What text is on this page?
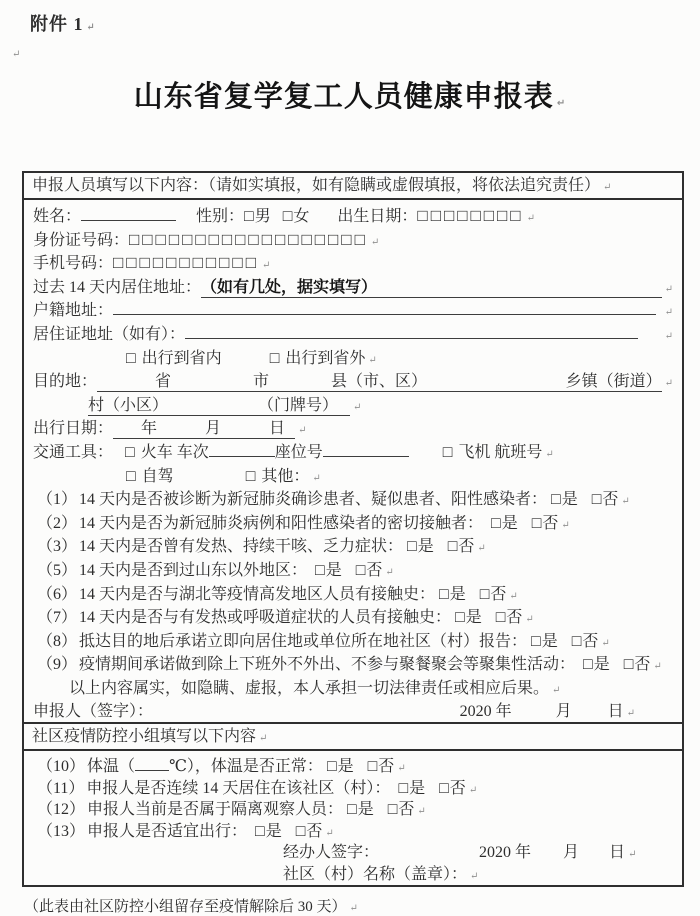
附件 1 ↵
↵
山东省复学复工人员健康申报表 ↵
申报人员填写以下内容：（请如实填报，如有隐瞒或虚假填报，将依法追究责任） ↵
姓名：	性别： □ 男 □ 女 出生日期： □□□□□□□□
↵
身份证号码： □□□□□□□□□□□□□□□□□□
↵
手机号码： □□□□□□□□□□□
↵
过去 14 天内居住地址： （如有几处，据实填写）
↵
户籍地址：
↵
居住证地址（如有）：
↵
□ 出行到省内	□ 出行到省外
↵
目的地：	省	市	县（市、区）	乡镇（街道）
↵
村（小区）	（门牌号）
↵
出行日期： 年	月	日
↵
交通工具： □ 火车 车次	座位号	□ 飞机 航班号
↵
□ 自驾	□ 其他：
↵
（1） 14 天内是否被诊断为新冠肺炎确诊患者、疑似患者、阳性感染者： □ 是 □ 否
↵
（2） 14 天内是否为新冠肺炎病例和阳性感染者的密切接触者： □ 是 □ 否
↵
（3） 14 天内是否曾有发热、持续干咳、乏力症状： □ 是 □ 否
↵
（5） 14 天内是否到过山东以外地区： □ 是 □ 否
↵
（6） 14 天内是否与湖北等疫情高发地区人员有接触史： □ 是 □ 否
↵
（7） 14 天内是否与有发热或呼吸道症状的人员有接触史： □ 是 □ 否
↵
（8） 抵达目的地后承诺立即向居住地或单位所在地社区（村）报告： □ 是 □ 否
↵
（9） 疫情期间承诺做到除上下班外不外出、不参与聚餐聚会等聚集性活动： □ 是 □ 否
↵
以上内容属实，如隐瞒、虚报，本人承担一切法律责任或相应后果。
↵
申报人（签字）：	2020 年	月 日
↵
社区疫情防控小组填写以下内容 ↵
（10） 体温（ ℃），体温是否正常： □ 是 □ 否
↵
（11） 申报人是否连续 14 天居住在该社区（村）： □ 是 □ 否
↵
（12） 申报人当前是否属于隔离观察人员： □ 是 □ 否
↵
（13） 申报人是否适宜出行： □ 是 □ 否
↵
经办人签字：	2020 年 月 日
↵
社区（村）名称（盖章）：
↵
（此表由社区防控小组留存至疫情解除后 30 天） ↵
